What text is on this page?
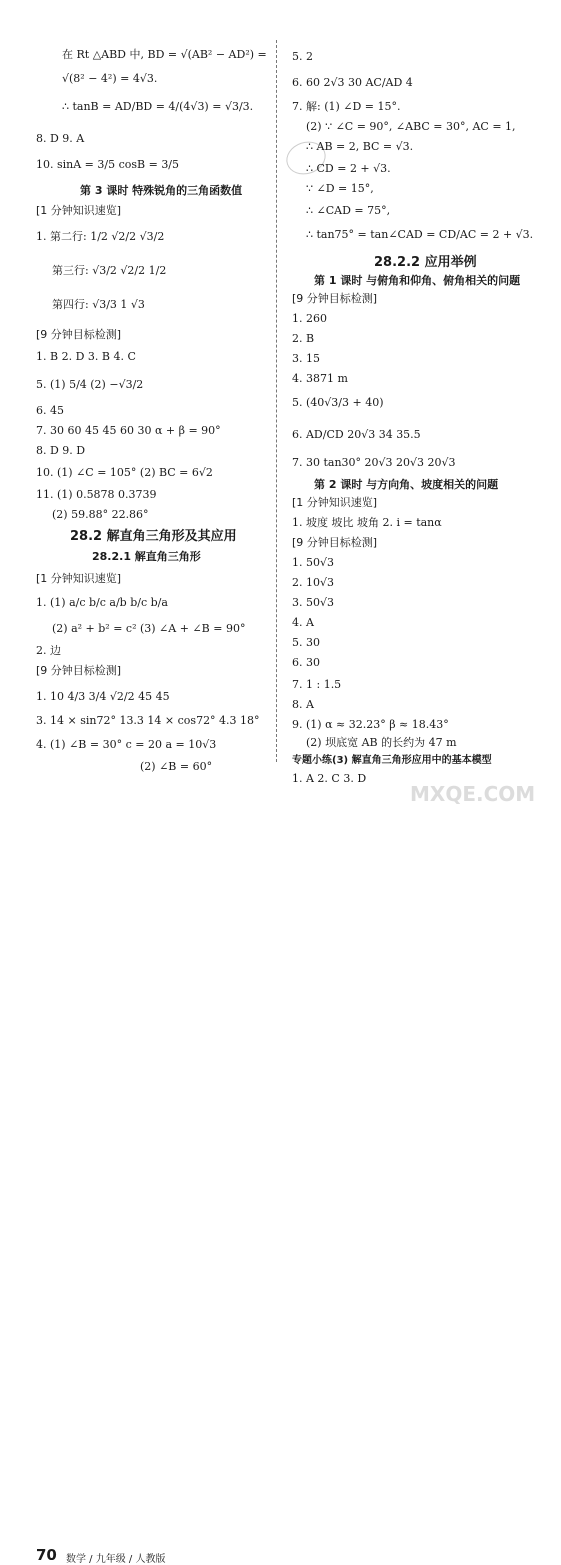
在 Rt △ABD 中, BD = √(AB² − AD²) =
√(8² − 4²) = 4√3.
∴ tanB = AD/BD = 4/(4√3) = √3/3.
8. D 9. A
10. sinA = 3/5 cosB = 3/5
第 3 课时 特殊锐角的三角函数值
[1 分钟知识速览]
1. 第二行: 1/2 √2/2 √3/2
第三行: √3/2 √2/2 1/2
第四行: √3/3 1 √3
[9 分钟目标检测]
1. B 2. D 3. B 4. C
5. (1) 5/4 (2) −√3/2
6. 45
7. 30 60 45 45 60 30 α + β = 90°
8. D 9. D
10. (1) ∠C = 105° (2) BC = 6√2
11. (1) 0.5878 0.3739
(2) 59.88° 22.86°
28.2 解直角三角形及其应用
28.2.1 解直角三角形
[1 分钟知识速览]
1. (1) a/c b/c a/b b/c b/a
(2) a² + b² = c² (3) ∠A + ∠B = 90°
2. 边
[9 分钟目标检测]
1. 10 4/3 3/4 √2/2 45 45
3. 14 × sin72° 13.3 14 × cos72° 4.3 18°
4. (1) ∠B = 30° c = 20 a = 10√3
(2) ∠B = 60°
5. 2
6. 60 2√3 30 AC/AD 4
7. 解: (1) ∠D = 15°.
(2) ∵ ∠C = 90°, ∠ABC = 30°, AC = 1,
∴ AB = 2, BC = √3.
∴ CD = 2 + √3.
∵ ∠D = 15°,
∴ ∠CAD = 75°,
∴ tan75° = tan∠CAD = CD/AC = 2 + √3.
28.2.2 应用举例
第 1 课时 与俯角和仰角、俯角相关的问题
[9 分钟目标检测]
1. 260
2. B
3. 15
4. 3871 m
5. (40√3/3 + 40)
6. AD/CD 20√3 34 35.5
7. 30 tan30° 20√3 20√3 20√3
第 2 课时 与方向角、坡度相关的问题
[1 分钟知识速览]
1. 坡度 坡比 坡角 2. i = tanα
[9 分钟目标检测]
1. 50√3
2. 10√3
3. 50√3
4. A
5. 30
6. 30
7. 1 : 1.5
8. A
9. (1) α ≈ 32.23° β ≈ 18.43°
(2) 坝底宽 AB 的长约为 47 m
专题小练(3) 解直角三角形应用中的基本模型
1. A 2. C 3. D
70 数学 / 九年级 / 人教版
MXQE.COM
